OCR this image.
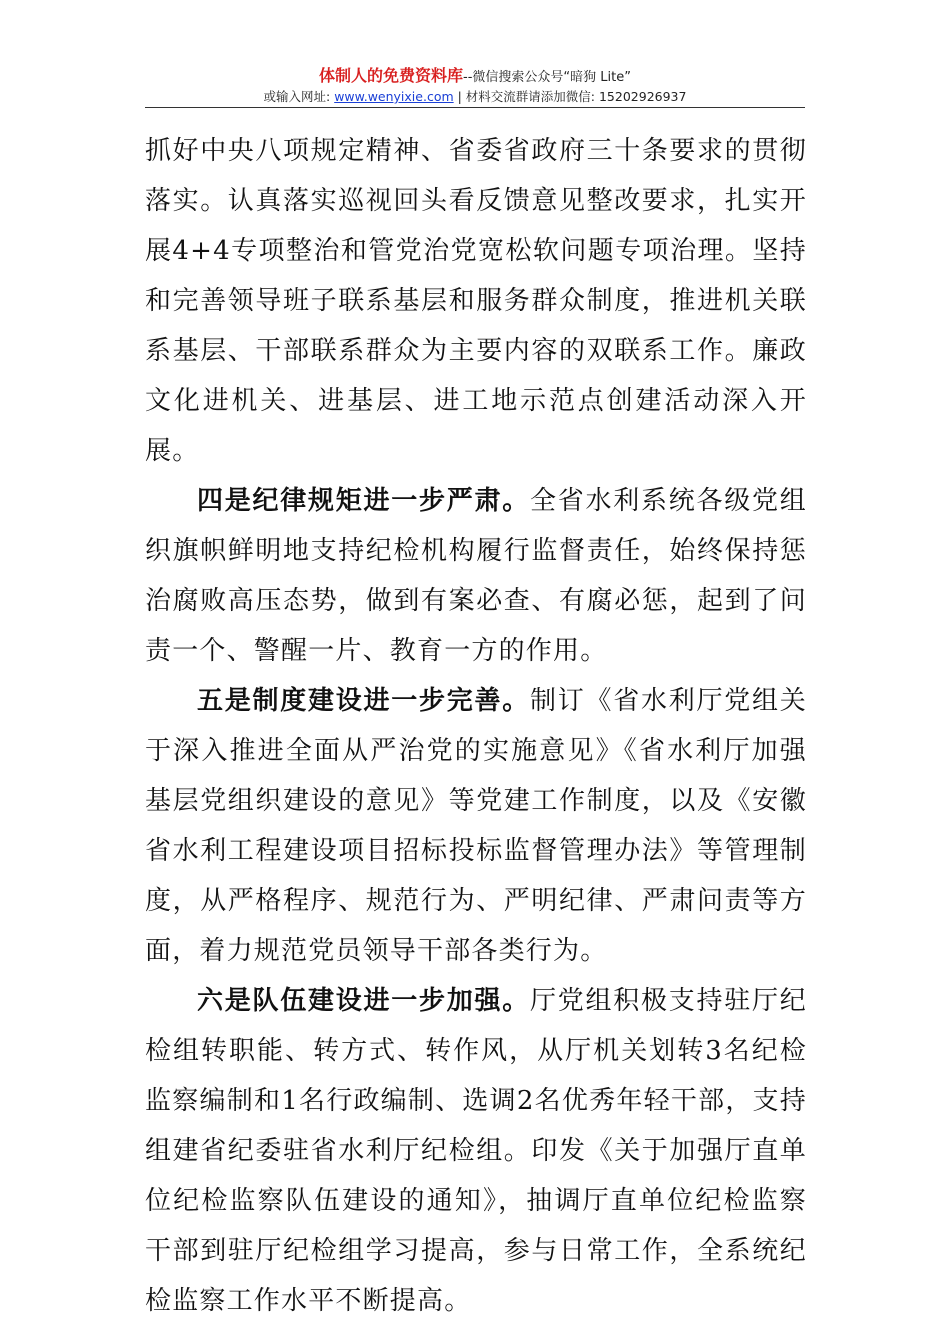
体制人的免费资料库--微信搜索公众号“暗狗 Lite”
或输入网址: www.wenyixie.com | 材料交流群请添加微信: 15202926937

抓好中央八项规定精神、省委省政府三十条要求的贯彻落实。认真落实巡视回头看反馈意见整改要求，扎实开展4+4专项整治和管党治党宽松软问题专项治理。坚持和完善领导班子联系基层和服务群众制度，推进机关联系基层、干部联系群众为主要内容的双联系工作。廉政文化进机关、进基层、进工地示范点创建活动深入开展。

四是纪律规矩进一步严肃。全省水利系统各级党组织旗帜鲜明地支持纪检机构履行监督责任，始终保持惩治腐败高压态势，做到有案必查、有腐必惩，起到了问责一个、警醒一片、教育一方的作用。

五是制度建设进一步完善。制订《省水利厅党组关于深入推进全面从严治党的实施意见》《省水利厅加强基层党组织建设的意见》等党建工作制度，以及《安徽省水利工程建设项目招标投标监督管理办法》等管理制度，从严格程序、规范行为、严明纪律、严肃问责等方面，着力规范党员领导干部各类行为。

六是队伍建设进一步加强。厅党组积极支持驻厅纪检组转职能、转方式、转作风，从厅机关划转3名纪检监察编制和1名行政编制、选调2名优秀年轻干部，支持组建省纪委驻省水利厅纪检组。印发《关于加强厅直单位纪检监察队伍建设的通知》，抽调厅直单位纪检监察干部到驻厅纪检组学习提高，参与日常工作，全系统纪检监察工作水平不断提高。
